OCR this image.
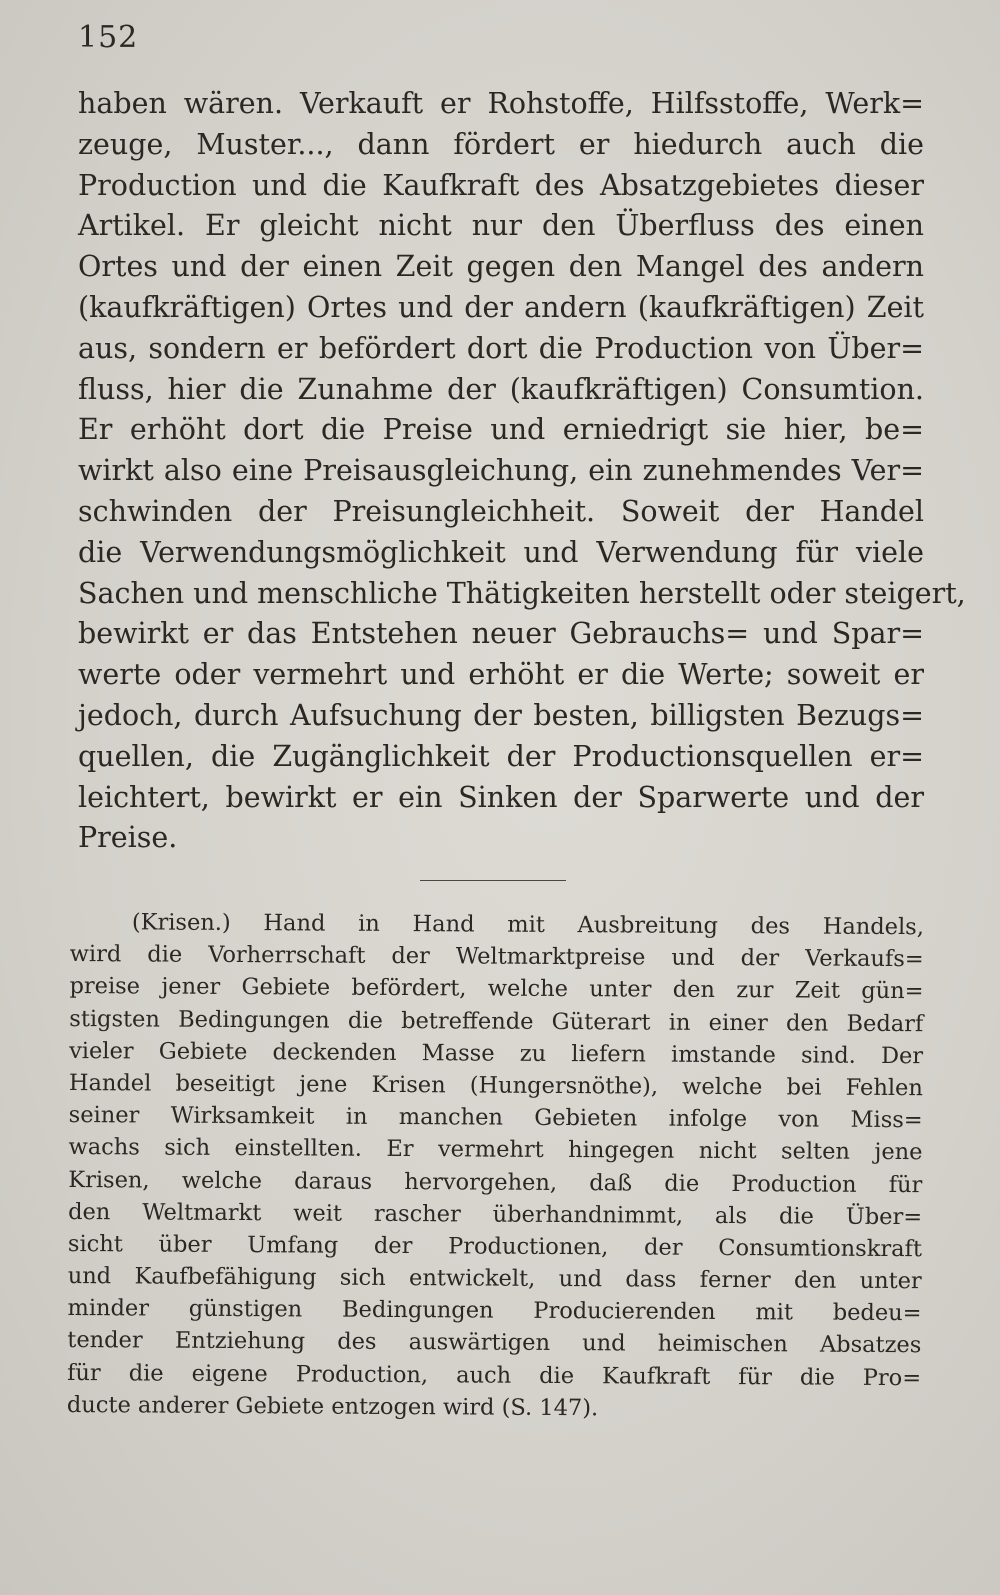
152
haben wären. Verkauft er Rohstoffe, Hilfsstoffe, Werk=
zeuge, Muster..., dann fördert er hiedurch auch die
Production und die Kaufkraft des Absatzgebietes dieser
Artikel. Er gleicht nicht nur den Überfluss des einen
Ortes und der einen Zeit gegen den Mangel des andern
(kaufkräftigen) Ortes und der andern (kaufkräftigen) Zeit
aus, sondern er befördert dort die Production von Über=
fluss, hier die Zunahme der (kaufkräftigen) Consumtion.
Er erhöht dort die Preise und erniedrigt sie hier, be=
wirkt also eine Preisausgleichung, ein zunehmendes Ver=
schwinden der Preisungleichheit. Soweit der Handel
die Verwendungsmöglichkeit und Verwendung für viele
Sachen und menschliche Thätigkeiten herstellt oder steigert,
bewirkt er das Entstehen neuer Gebrauchs= und Spar=
werte oder vermehrt und erhöht er die Werte; soweit er
jedoch, durch Aufsuchung der besten, billigsten Bezugs=
quellen, die Zugänglichkeit der Productionsquellen er=
leichtert, bewirkt er ein Sinken der Sparwerte und der
Preise.
(Krisen.) Hand in Hand mit Ausbreitung des Handels,
wird die Vorherrschaft der Weltmarktpreise und der Verkaufs=
preise jener Gebiete befördert, welche unter den zur Zeit gün=
stigsten Bedingungen die betreffende Güterart in einer den Bedarf
vieler Gebiete deckenden Masse zu liefern imstande sind. Der
Handel beseitigt jene Krisen (Hungersnöthe), welche bei Fehlen
seiner Wirksamkeit in manchen Gebieten infolge von Miss=
wachs sich einstellten. Er vermehrt hingegen nicht selten jene
Krisen, welche daraus hervorgehen, daß die Production für
den Weltmarkt weit rascher überhandnimmt, als die Über=
sicht über Umfang der Productionen, der Consumtionskraft
und Kaufbefähigung sich entwickelt, und dass ferner den unter
minder günstigen Bedingungen Producierenden mit bedeu=
tender Entziehung des auswärtigen und heimischen Absatzes
für die eigene Production, auch die Kaufkraft für die Pro=
ducte anderer Gebiete entzogen wird (S. 147).
